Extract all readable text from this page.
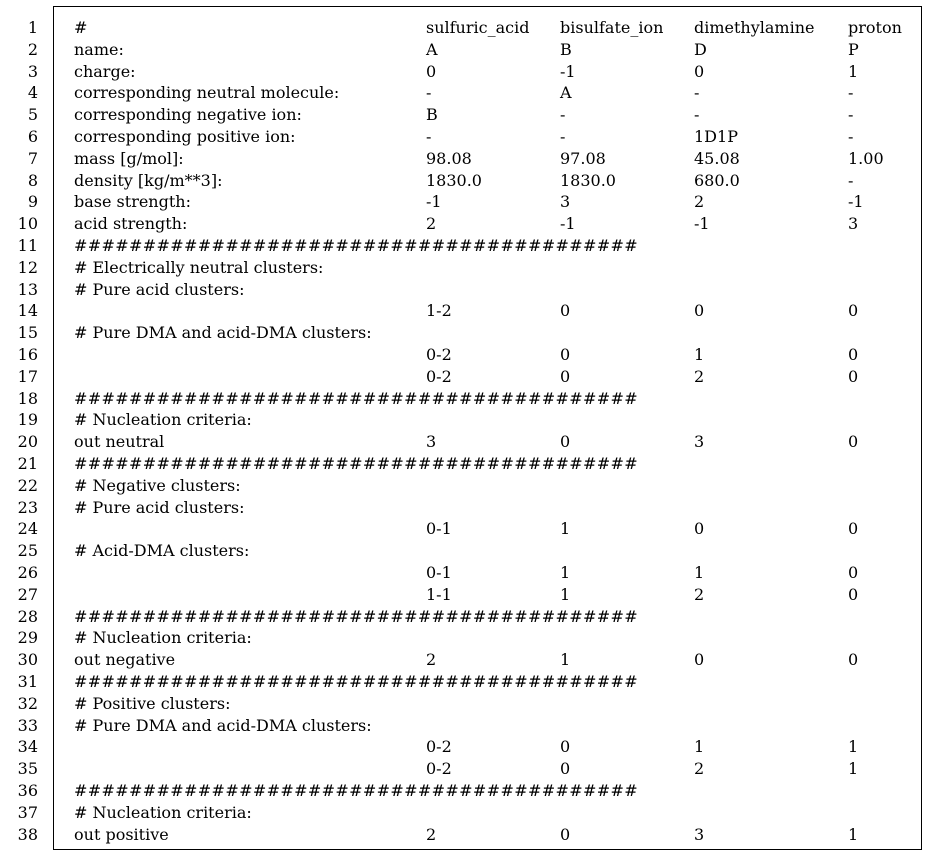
1 #	sulfuric_acid bisulfate_ion dimethylamine proton
2 name:	A	B	D	P
3 charge:	0	-1	0	1
4 corresponding neutral molecule:	-	A	-	-
5 corresponding negative ion:	B	-	-	-
6 corresponding positive ion:	-	-	1D1P	-
7 mass [g/mol]:	98.08	97.08	45.08	1.00
8 density [kg/m**3]:	1830.0	1830.0	680.0	-
9 base strength:	-1	3	2	-1
10 acid strength:	2	-1	-1	3
11 #########################################
12 # Electrically neutral clusters:
13 # Pure acid clusters:
14	1-2	0	0	0
15 # Pure DMA and acid-DMA clusters:
16	0-2	0	1	0
17	0-2	0	2	0
18 #########################################
19 # Nucleation criteria:
20 out neutral	3	0	3	0
21 #########################################
22 # Negative clusters:
23 # Pure acid clusters:
24	0-1	1	0	0
25 # Acid-DMA clusters:
26	0-1	1	1	0
27	1-1	1	2	0
28 #########################################
29 # Nucleation criteria:
30 out negative	2	1	0	0
31 #########################################
32 # Positive clusters:
33 # Pure DMA and acid-DMA clusters:
34	0-2	0	1	1
35	0-2	0	2	1
36 #########################################
37 # Nucleation criteria:
38 out positive	2	0	3	1
